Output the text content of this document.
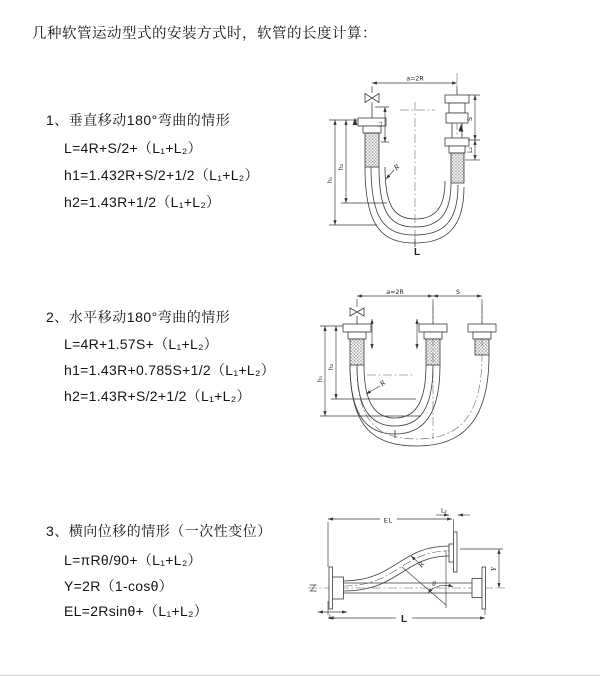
几种软管运动型式的安装方式时，软管的长度计算：

1、垂直移动180°弯曲的情形

L=4R+S/2+（L₁+L₂）

h1=1.432R+S/2+1/2（L₁+L₂）

h2=1.43R+1/2（L₁+L₂）

a=2R
S
L₂
L₁
h₁
h₂	R
L

2、水平移动180°弯曲的情形

L=4R+1.57S+（L₁+L₂）

h1=1.43R+0.785S+1/2（L₁+L₂）

h2=1.43R+S/2+1/2（L₁+L₂）

a=2R	S
h₁
h₂
R

3、横向位移的情形（一次性变位）

L=πRθ/90+（L₁+L₂）

Y=2R（1-cosθ）

EL=2Rsinθ+（L₁+L₂）

θ
EL
L₂
Y
R
L₁	L
